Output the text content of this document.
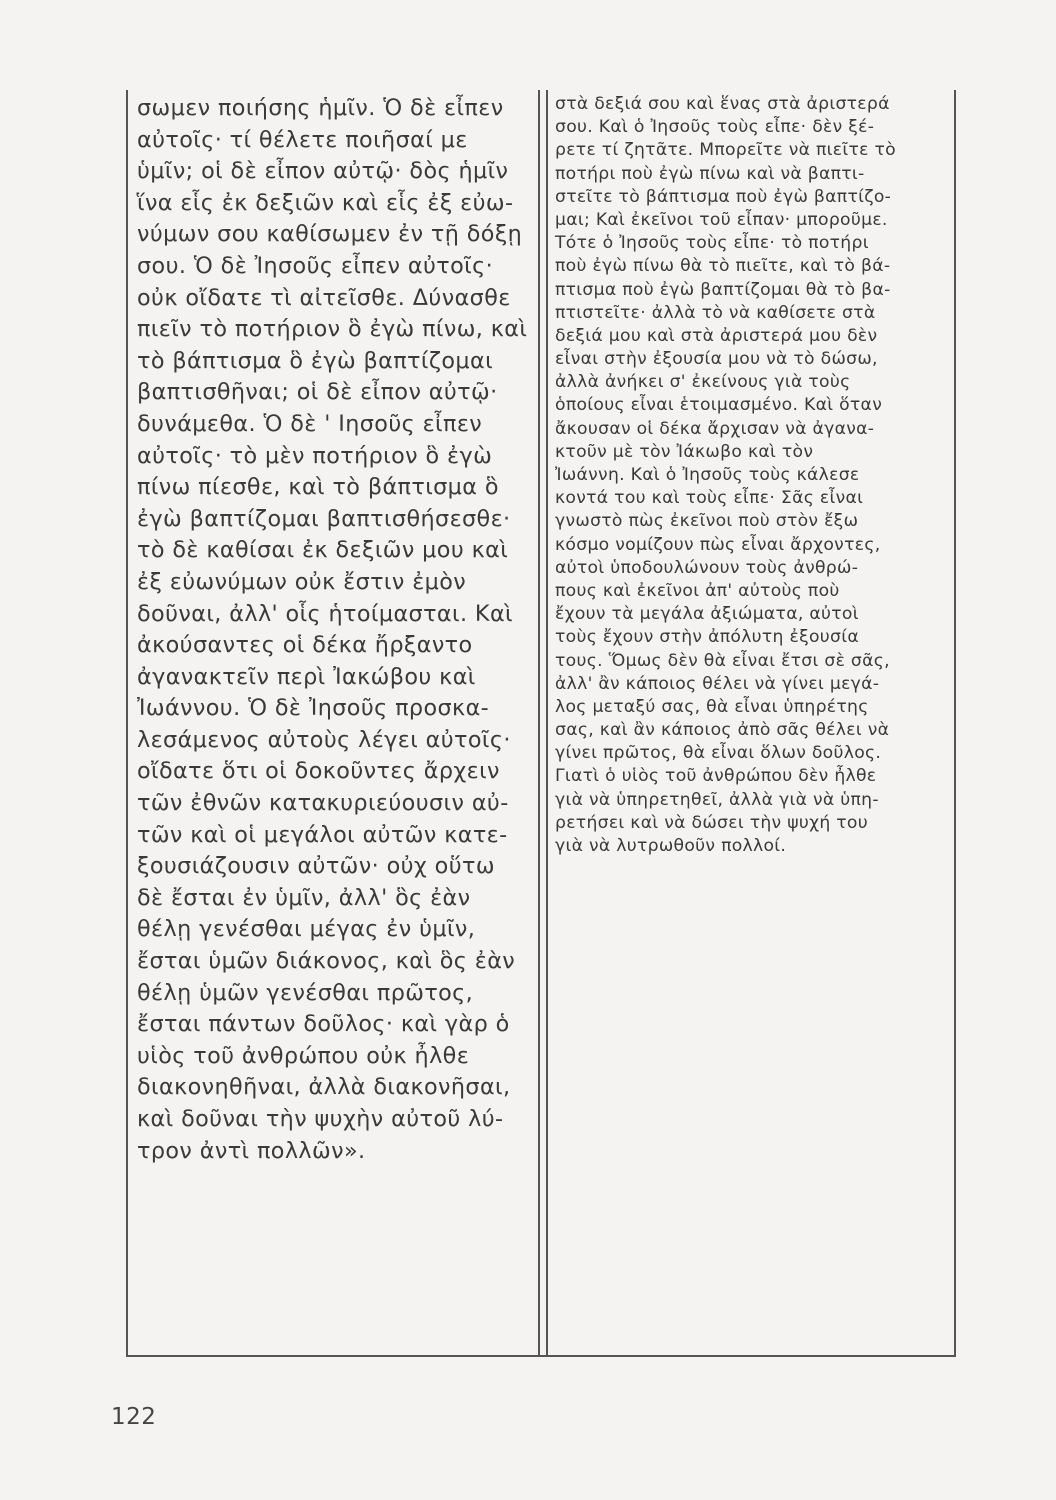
σωμεν ποιήσης ἡμῖν. Ὁ δὲ εἶπεν
αὐτοῖς· τί θέλετε ποιῆσαί με
ὑμῖν; οἱ δὲ εἶπον αὐτῷ· δὸς ἡμῖν
ἵνα εἷς ἐκ δεξιῶν καὶ εἷς ἐξ εὐω-
νύμων σου καθίσωμεν ἐν τῇ δόξῃ
σου. Ὁ δὲ Ἰησοῦς εἶπεν αὐτοῖς·
οὐκ οἴδατε τὶ αἰτεῖσθε. Δύνασθε
πιεῖν τὸ ποτήριον ὃ ἐγὼ πίνω, καὶ
τὸ βάπτισμα ὃ ἐγὼ βαπτίζομαι
βαπτισθῆναι; οἱ δὲ εἶπον αὐτῷ·
δυνάμεθα. Ὁ δὲ ' Ιησοῦς εἶπεν
αὐτοῖς· τὸ μὲν ποτήριον ὃ ἐγὼ
πίνω πίεσθε, καὶ τὸ βάπτισμα ὃ
ἐγὼ βαπτίζομαι βαπτισθήσεσθε·
τὸ δὲ καθίσαι ἐκ δεξιῶν μου καὶ
ἐξ εὐωνύμων οὐκ ἔστιν ἐμὸν
δοῦναι, ἀλλ' οἷς ἡτοίμασται. Καὶ
ἀκούσαντες οἱ δέκα ἤρξαντο
ἀγανακτεῖν περὶ Ἰακώβου καὶ
Ἰωάννου. Ὁ δὲ Ἰησοῦς προσκα-
λεσάμενος αὐτοὺς λέγει αὐτοῖς·
οἴδατε ὅτι οἱ δοκοῦντες ἄρχειν
τῶν ἐθνῶν κατακυριεύουσιν αὐ-
τῶν καὶ οἱ μεγάλοι αὐτῶν κατε-
ξουσιάζουσιν αὐτῶν· οὐχ οὕτω
δὲ ἔσται ἐν ὑμῖν, ἀλλ' ὃς ἐὰν
θέλῃ γενέσθαι μέγας ἐν ὑμῖν,
ἔσται ὑμῶν διάκονος, καὶ ὃς ἐὰν
θέλῃ ὑμῶν γενέσθαι πρῶτος,
ἔσται πάντων δοῦλος· καὶ γὰρ ὁ
υἱὸς τοῦ ἀνθρώπου οὐκ ἦλθε
διακονηθῆναι, ἀλλὰ διακονῆσαι,
καὶ δοῦναι τὴν ψυχὴν αὐτοῦ λύ-
τρον ἀντὶ πολλῶν».
στὰ δεξιά σου καὶ ἕνας στὰ ἀριστερά
σου. Καὶ ὁ Ἰησοῦς τοὺς εἶπε· δὲν ξέ-
ρετε τί ζητᾶτε. Μπορεῖτε νὰ πιεῖτε τὸ
ποτήρι ποὺ ἐγὼ πίνω καὶ νὰ βαπτι-
στεῖτε τὸ βάπτισμα ποὺ ἐγὼ βαπτίζο-
μαι; Καὶ ἐκεῖνοι τοῦ εἶπαν· μποροῦμε.
Τότε ὁ Ἰησοῦς τοὺς εἶπε· τὸ ποτήρι
ποὺ ἐγὼ πίνω θὰ τὸ πιεῖτε, καὶ τὸ βά-
πτισμα ποὺ ἐγὼ βαπτίζομαι θὰ τὸ βα-
πτιστεῖτε· ἀλλὰ τὸ νὰ καθίσετε στὰ
δεξιά μου καὶ στὰ ἀριστερά μου δὲν
εἶναι στὴν ἐξουσία μου νὰ τὸ δώσω,
ἀλλὰ ἀνήκει σ' ἐκείνους γιὰ τοὺς
ὁποίους εἶναι ἑτοιμασμένο. Καὶ ὅταν
ἄκουσαν οἱ δέκα ἄρχισαν νὰ ἀγανα-
κτοῦν μὲ τὸν Ἰάκωβο καὶ τὸν
Ἰωάννη. Καὶ ὁ Ἰησοῦς τοὺς κάλεσε
κοντά του καὶ τοὺς εἶπε· Σᾶς εἶναι
γνωστὸ πὼς ἐκεῖνοι ποὺ στὸν ἔξω
κόσμο νομίζουν πὼς εἶναι ἄρχοντες,
αὐτοὶ ὑποδουλώνουν τοὺς ἀνθρώ-
πους καὶ ἐκεῖνοι ἀπ' αὐτοὺς ποὺ
ἔχουν τὰ μεγάλα ἀξιώματα, αὐτοὶ
τοὺς ἔχουν στὴν ἀπόλυτη ἐξουσία
τους. Ὅμως δὲν θὰ εἶναι ἔτσι σὲ σᾶς,
ἀλλ' ἂν κάποιος θέλει νὰ γίνει μεγά-
λος μεταξύ σας, θὰ εἶναι ὑπηρέτης
σας, καὶ ἂν κάποιος ἀπὸ σᾶς θέλει νὰ
γίνει πρῶτος, θὰ εἶναι ὅλων δοῦλος.
Γιατὶ ὁ υἱὸς τοῦ ἀνθρώπου δὲν ἦλθε
γιὰ νὰ ὑπηρετηθεῖ, ἀλλὰ γιὰ νὰ ὑπη-
ρετήσει καὶ νὰ δώσει τὴν ψυχή του
γιὰ νὰ λυτρωθοῦν πολλοί.
122
